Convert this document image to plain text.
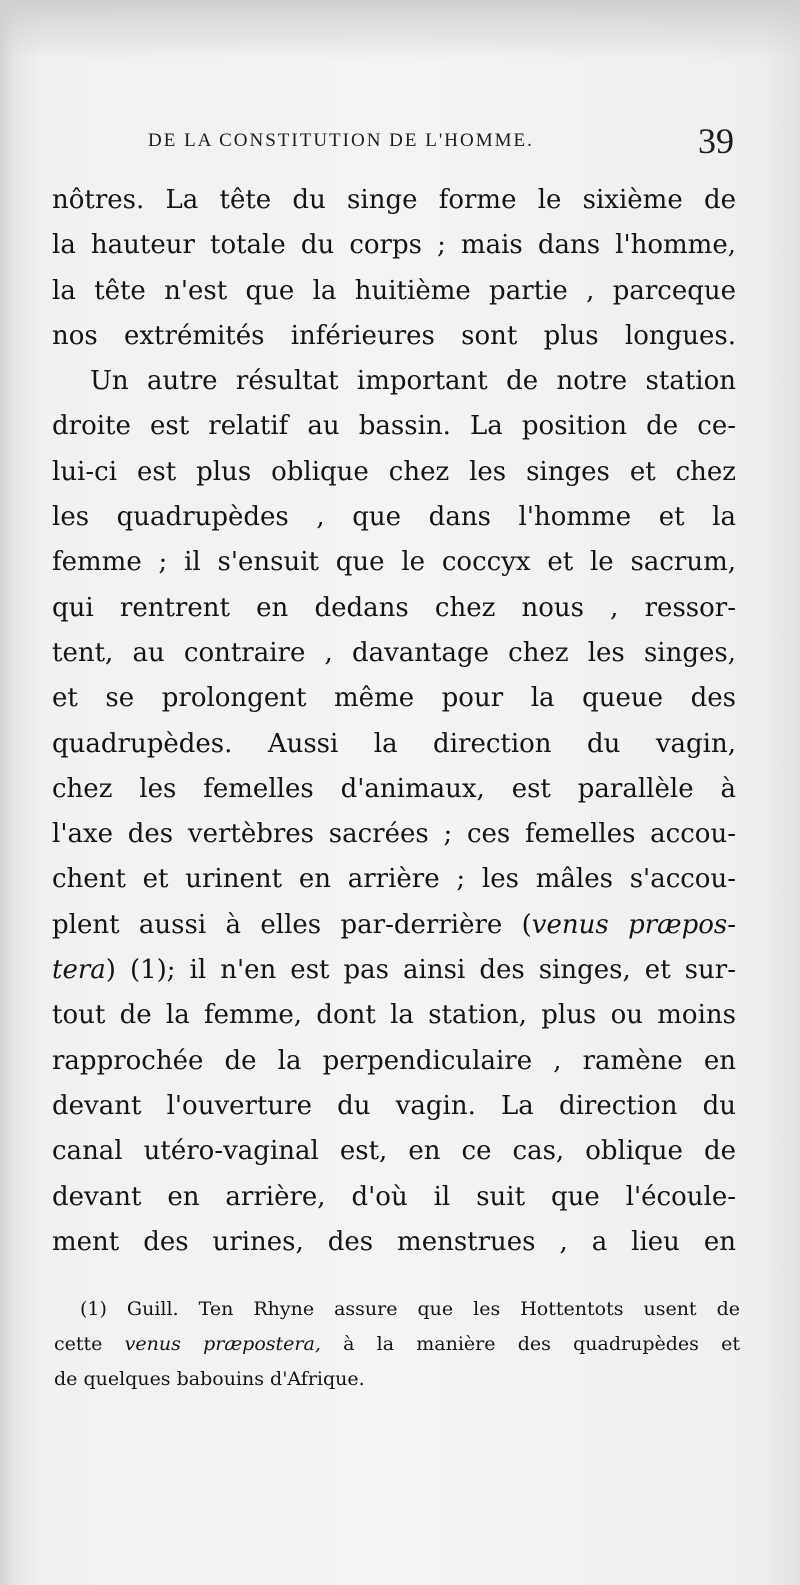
DE LA CONSTITUTION DE L'HOMME.	39
nôtres. La tête du singe forme le sixième de
la hauteur totale du corps ; mais dans l'homme,
la tête n'est que la huitième partie , parceque
nos extrémités inférieures sont plus longues.
Un autre résultat important de notre station
droite est relatif au bassin. La position de ce-
lui-ci est plus oblique chez les singes et chez
les quadrupèdes , que dans l'homme et la
femme ; il s'ensuit que le coccyx et le sacrum,
qui rentrent en dedans chez nous , ressor-
tent, au contraire , davantage chez les singes,
et se prolongent même pour la queue des
quadrupèdes. Aussi la direction du vagin,
chez les femelles d'animaux, est parallèle à
l'axe des vertèbres sacrées ; ces femelles accou-
chent et urinent en arrière ; les mâles s'accou-
plent aussi à elles par-derrière (venus præpos-
tera) (1); il n'en est pas ainsi des singes, et sur-
tout de la femme, dont la station, plus ou moins
rapprochée de la perpendiculaire , ramène en
devant l'ouverture du vagin. La direction du
canal utéro-vaginal est, en ce cas, oblique de
devant en arrière, d'où il suit que l'écoule-
ment des urines, des menstrues , a lieu en
(1) Guill. Ten Rhyne assure que les Hottentots usent de
cette venus præpostera, à la manière des quadrupèdes et
de quelques babouins d'Afrique.
